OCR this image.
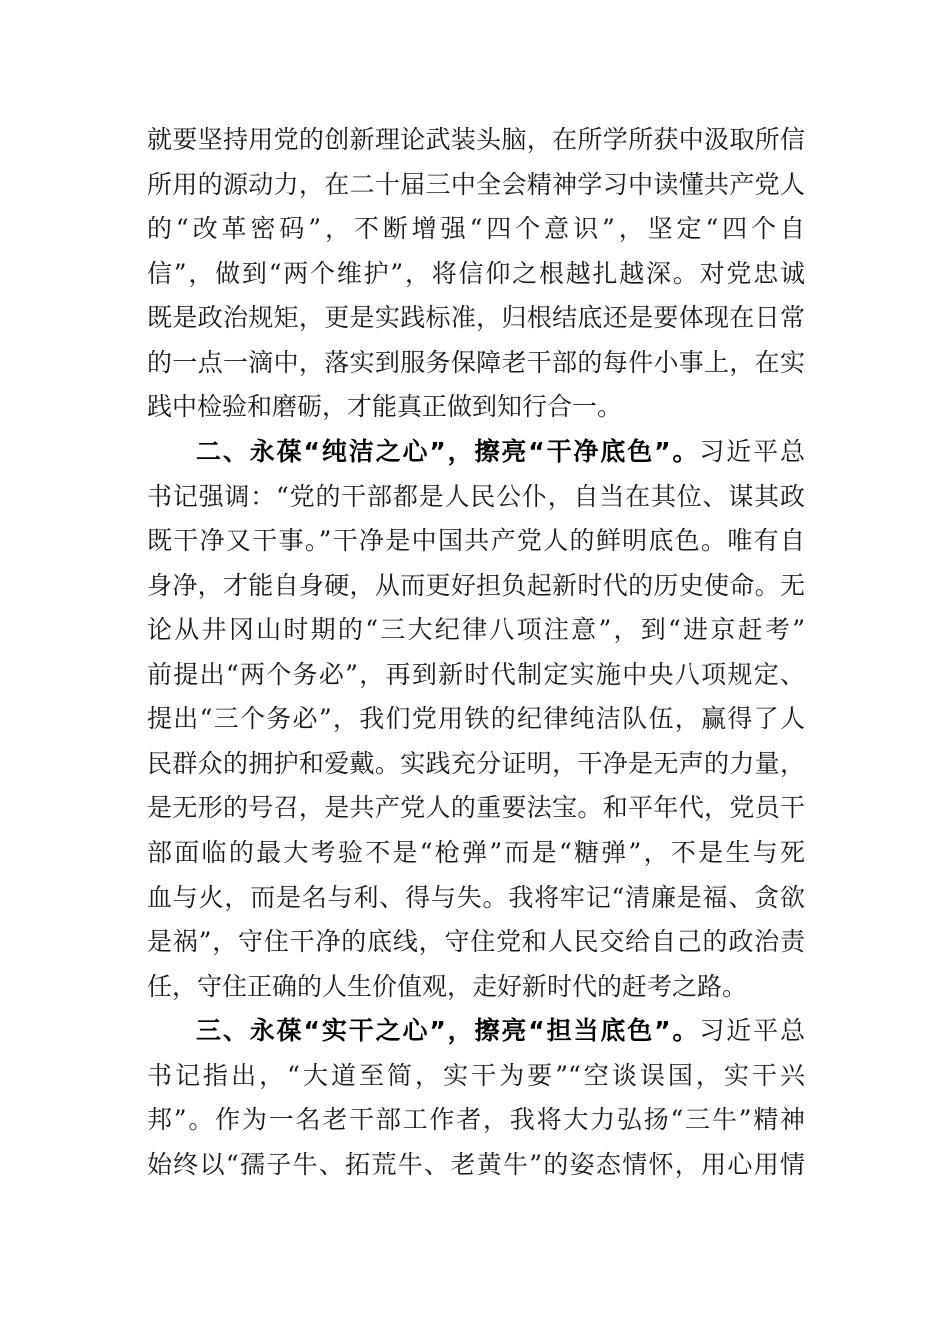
就要坚持用党的创新理论武装头脑，在所学所获中汲取所信
所用的源动力，在二十届三中全会精神学习中读懂共产党人
的“改革密码”，不断增强“四个意识”，坚定“四个自
信”，做到“两个维护”，将信仰之根越扎越深。对党忠诚
既是政治规矩，更是实践标准，归根结底还是要体现在日常
的一点一滴中，落实到服务保障老干部的每件小事上，在实
践中检验和磨砺，才能真正做到知行合一。
二、永葆“纯洁之心”，擦亮“干净底色”。习近平总
书记强调：“党的干部都是人民公仆，自当在其位、谋其政
既干净又干事。”干净是中国共产党人的鲜明底色。唯有自
身净，才能自身硬，从而更好担负起新时代的历史使命。无
论从井冈山时期的“三大纪律八项注意”，到“进京赶考”
前提出“两个务必”，再到新时代制定实施中央八项规定、
提出“三个务必”，我们党用铁的纪律纯洁队伍，赢得了人
民群众的拥护和爱戴。实践充分证明，干净是无声的力量，
是无形的号召，是共产党人的重要法宝。和平年代，党员干
部面临的最大考验不是“枪弹”而是“糖弹”，不是生与死
血与火，而是名与利、得与失。我将牢记“清廉是福、贪欲
是祸”，守住干净的底线，守住党和人民交给自己的政治责
任，守住正确的人生价值观，走好新时代的赶考之路。
三、永葆“实干之心”，擦亮“担当底色”。习近平总
书记指出，“大道至简，实干为要”“空谈误国，实干兴
邦”。作为一名老干部工作者，我将大力弘扬“三牛”精神
始终以“孺子牛、拓荒牛、老黄牛”的姿态情怀，用心用情
